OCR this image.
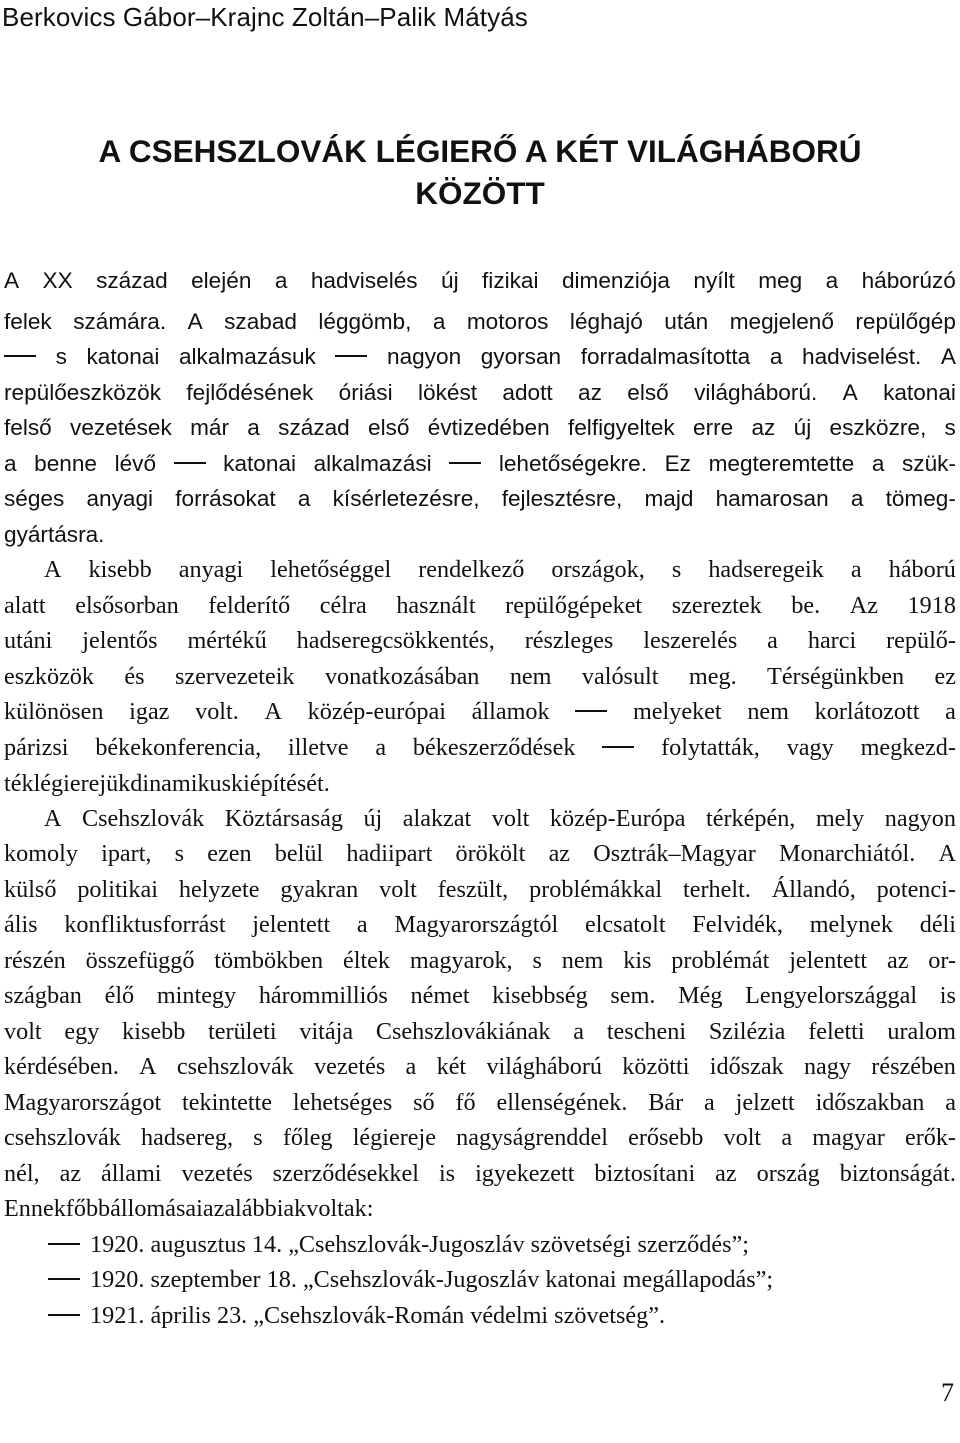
Berkovics Gábor–Krajnc Zoltán–Palik Mátyás
A CSEHSZLOVÁK LÉGIERŐ A KÉT VILÁGHÁBORÚ
KÖZÖTT
A XX század elején a hadviselés új fizikai dimenziója nyílt meg a háborúzó
felek számára. A szabad léggömb, a motoros léghajó után megjelenő repülőgép
s katonai alkalmazásuk	nagyon gyorsan forradalmasította a hadviselést. A
repülőeszközök fejlődésének óriási lökést adott az első világháború. A katonai
felső vezetések már a század első évtizedében felfigyeltek erre az új eszközre, s
a benne lévő	katonai alkalmazási	lehetőségekre. Ez megteremtette a szük-
séges anyagi forrásokat a kísérletezésre, fejlesztésre, majd hamarosan a tömeg-
gyártásra.
A kisebb anyagi lehetőséggel rendelkező országok, s hadseregeik a háború
alatt elsősorban felderítő célra használt repülőgépeket szereztek be. Az 1918
utáni jelentős mértékű hadseregcsökkentés, részleges leszerelés a harci repülő-
eszközök és szervezeteik vonatkozásában nem valósult meg. Térségünkben ez
különösen igaz volt. A közép-európai államok	melyeket nem korlátozott a
párizsi békekonferencia, illetve a békeszerződések	folytatták, vagy megkezd-
ték légierejük dinamikus kiépítését.
A Csehszlovák Köztársaság új alakzat volt közép-Európa térképén, mely nagyon
komoly ipart, s ezen belül hadiipart örökölt az Osztrák–Magyar Monarchiától. A
külső politikai helyzete gyakran volt feszült, problémákkal terhelt. Állandó, potenci-
ális konfliktusforrást jelentett a Magyarországtól elcsatolt Felvidék, melynek déli
részén összefüggő tömbökben éltek magyarok, s nem kis problémát jelentett az or-
szágban élő mintegy hárommilliós német kisebbség sem. Még Lengyelországgal is
volt egy kisebb területi vitája Csehszlovákiának a tescheni Szilézia feletti uralom
kérdésében. A csehszlovák vezetés a két világháború közötti időszak nagy részében
Magyarországot tekintette lehetséges ső fő ellenségének. Bár a jelzett időszakban a
csehszlovák hadsereg, s főleg légiereje nagyságrenddel erősebb volt a magyar erők-
nél, az állami vezetés szerződésekkel is igyekezett biztosítani az ország biztonságát.
Ennek főbb állomásai az alábbiak voltak:
1920. augusztus 14. „Csehszlovák-Jugoszláv szövetségi szerződés”;
1920. szeptember 18. „Csehszlovák-Jugoszláv katonai megállapodás”;
1921. április 23. „Csehszlovák-Román védelmi szövetség”.
7
